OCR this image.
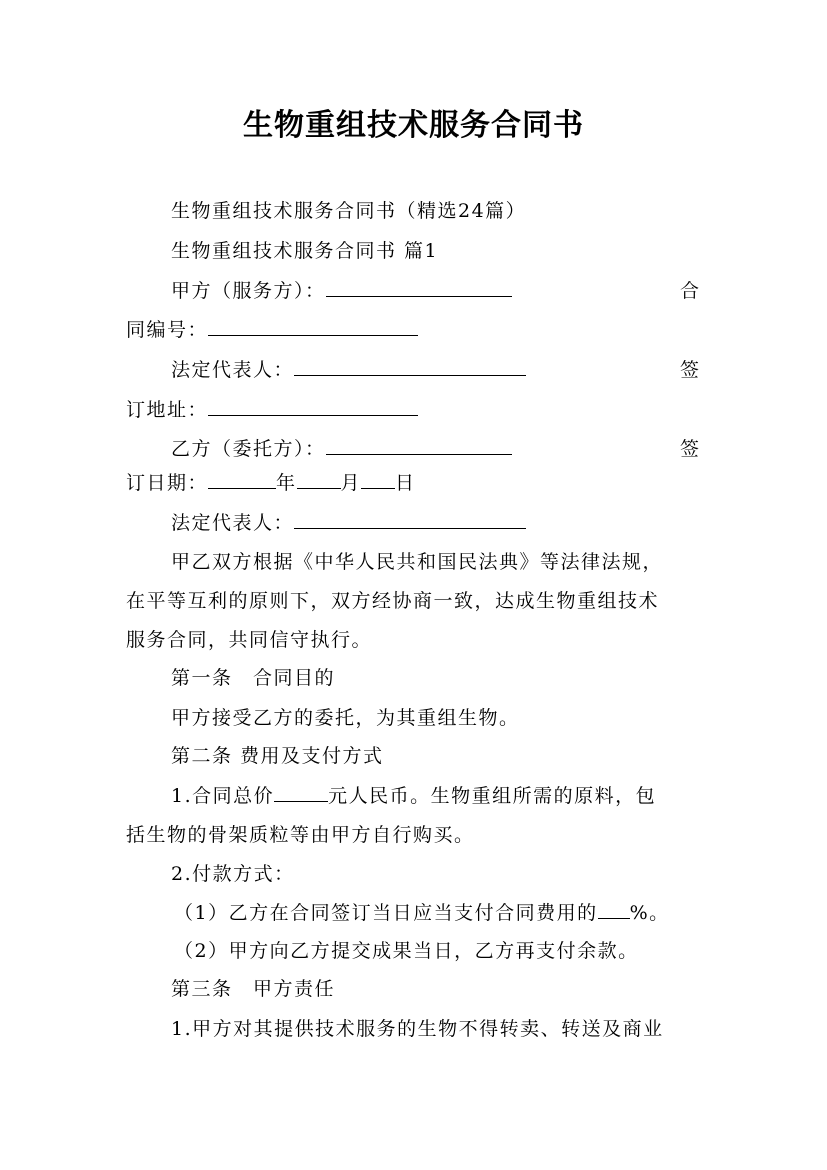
生物重组技术服务合同书
生物重组技术服务合同书（精选24篇）
生物重组技术服务合同书 篇1
甲方（服务方）：	合
同编号：
法定代表人：	签
订地址：
乙方（委托方）：	签
订日期：	年 月 日
法定代表人：
甲乙双方根据《中华人民共和国民法典》等法律法规，
在平等互利的原则下，双方经协商一致，达成生物重组技术
服务合同，共同信守执行。
第一条　合同目的
甲方接受乙方的委托，为其重组生物。
第二条 费用及支付方式
1.合同总价	元人民币。生物重组所需的原料，包
括生物的骨架质粒等由甲方自行购买。
2.付款方式：
（1）乙方在合同签订当日应当支付合同费用的 %。
（2）甲方向乙方提交成果当日，乙方再支付余款。
第三条　甲方责任
1.甲方对其提供技术服务的生物不得转卖、转送及商业
